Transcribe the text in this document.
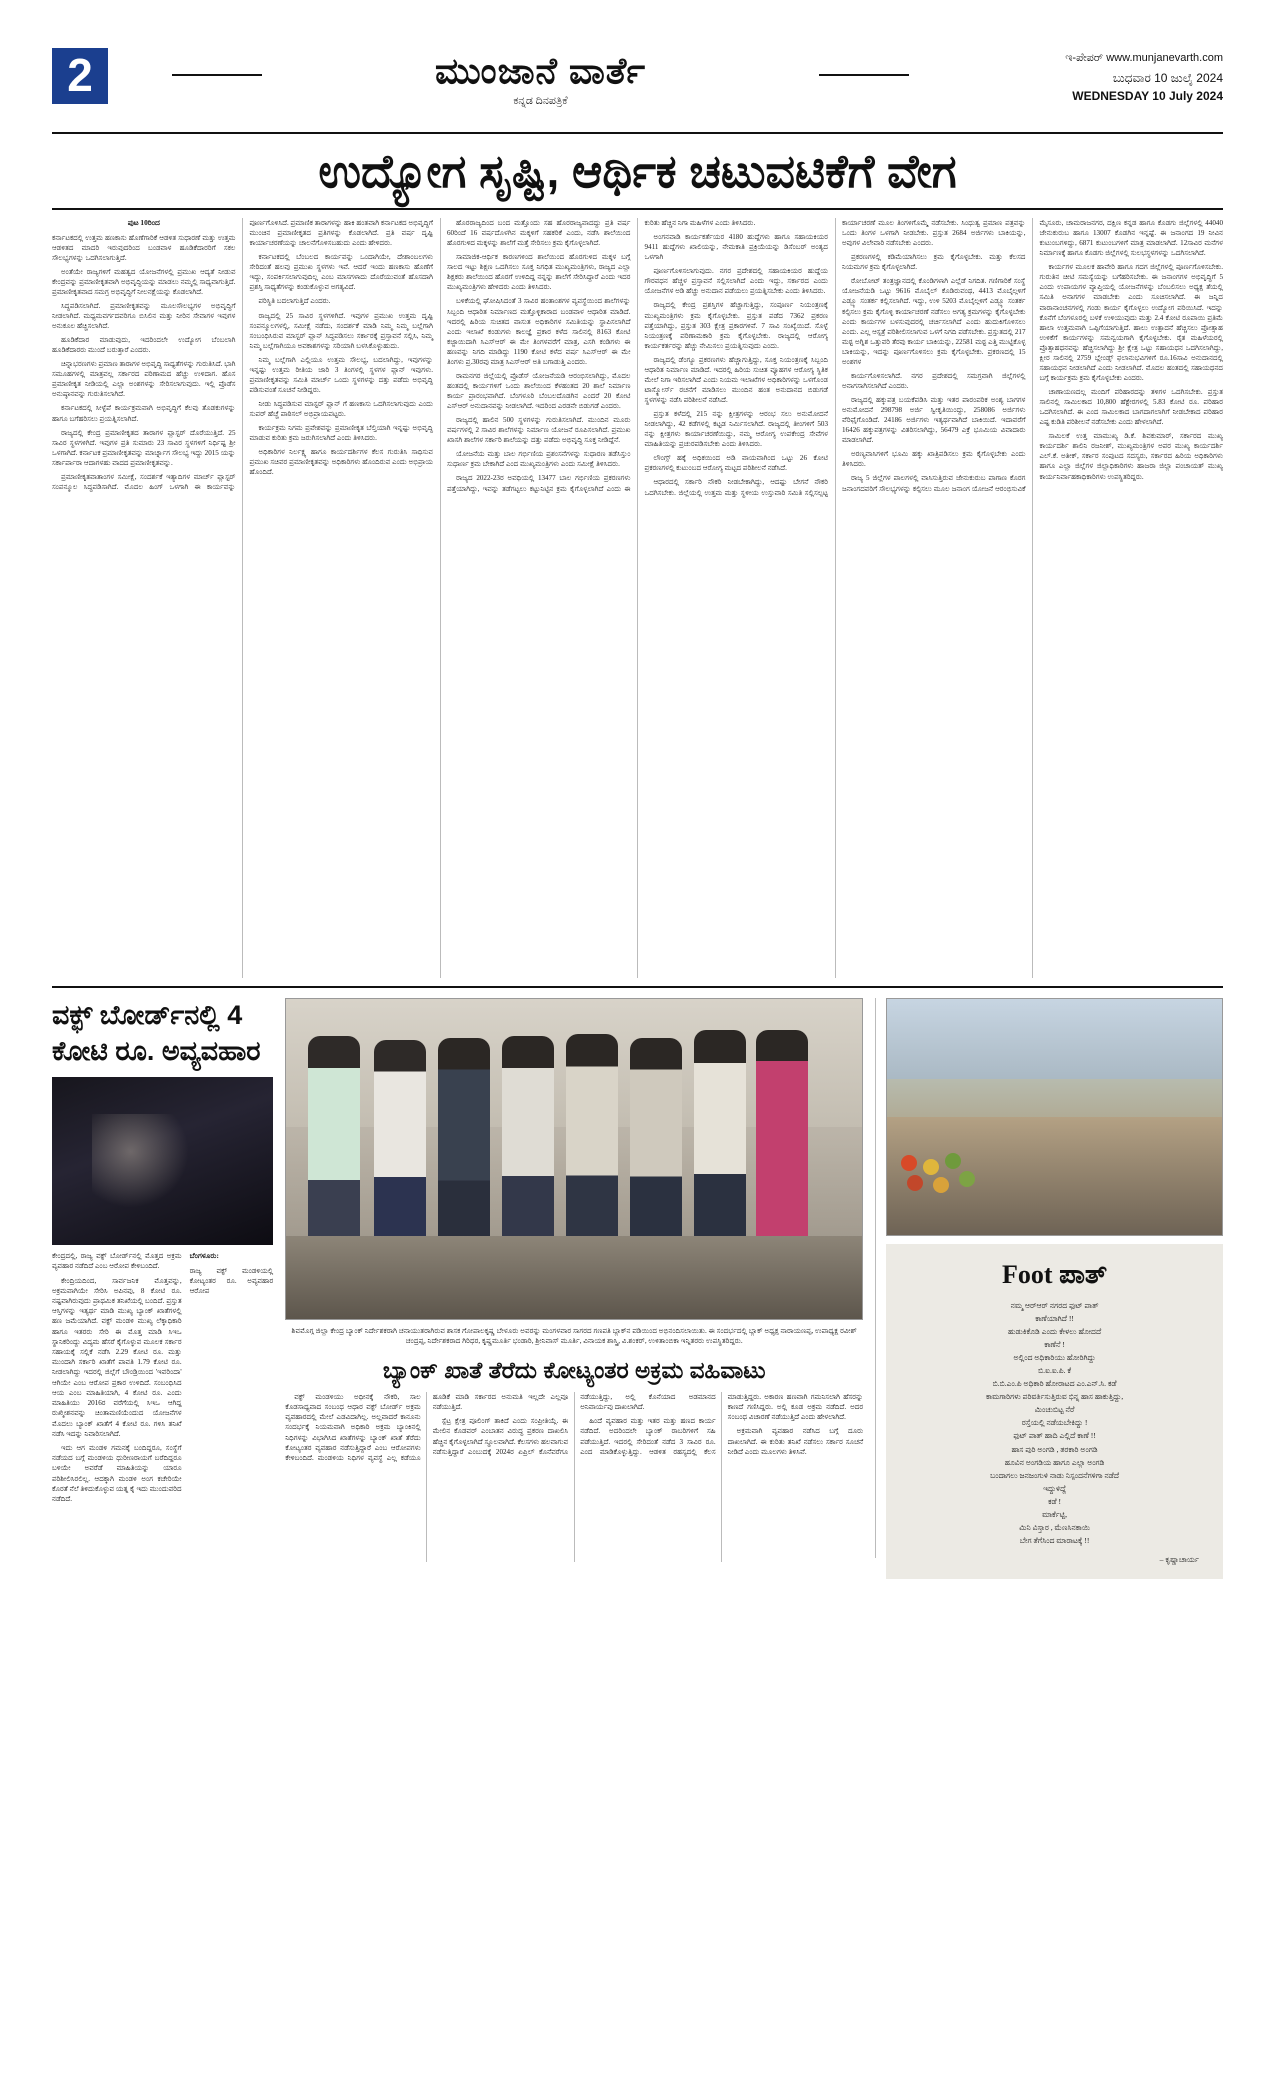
2	ಮುಂಜಾನೆ ವಾರ್ತೆ
ಕನ್ನಡ ದಿನಪತ್ರಿಕೆ
ಇ-ಪೇಪರ್ www.munjanevarth.com
ಬುಧವಾರ 10 ಜುಲೈ 2024
WEDNESDAY 10 July 2024
ಉದ್ಯೋಗ ಸೃಷ್ಟಿ, ಆರ್ಥಿಕ ಚಟುವಟಿಕೆಗೆ ವೇಗ

ಪುಟ 10ರಿಂದ

ಕರ್ನಾಟಕದಲ್ಲಿ ಉತ್ತಮ ಹಣಕಾಸು ಹೊಣೆಗಾರಿಕೆ ಆಡಳಿತ ಸುಧಾರಣೆ ಮತ್ತು ಉತ್ತಮ ಆಡಳಿತದ ಮಾದರಿ ಇರುವುದರಿಂದ ಬಂಡವಾಳ ಹೂಡಿಕೆದಾರರಿಗೆ ಸಕಲ ಸೌಲಭ್ಯಗಳನ್ನು ಒದಗಿಸಲಾಗುತ್ತಿದೆ.

ಅಂತೆಯೇ ರಾಜ್ಯಗಳಿಗೆ ಮಹತ್ವದ ಯೋಜನೆಗಳಲ್ಲಿ ಪ್ರಮುಖ ಆದ್ಯತೆ ನೀಡುವ ಕೇಂದ್ರವನ್ನು ಪ್ರಮಾಣೀಕೃತವಾಗಿ ಅಭಿವೃದ್ಧಿಯನ್ನು ಮಾಡಲು ನಮ್ಮಲ್ಲಿ ಸಾಧ್ಯವಾಗುತ್ತಿದೆ. ಪ್ರಮಾಣೀಕೃತವಾದ ಸಮಗ್ರ ಅಭಿವೃದ್ಧಿಗೆ ನೀಲನಕ್ಷೆಯನ್ನು ಕೊಡಲಾಗಿದೆ.

ಸಿದ್ಧಪಡಿಸಲಾಗಿದೆ. ಪ್ರಮಾಣೀಕೃತವನ್ನು ಮೂಲಸೌಲಭ್ಯಗಳ ಅಭಿವೃದ್ಧಿಗೆ ನೀಡಲಾಗಿದೆ. ಮಧ್ಯಮವರ್ಗದವರಿಗೂ ಬಿಸಿಲಿನ ಮತ್ತು ನೀರಿನ ಸೇವಾಗಳ ಇವುಗಳ ಅನುಕೂಲ ಹೆಚ್ಚಿಸಲಾಗಿದೆ.

ಹೂಡಿಕೆದಾರ ಮಾಡುವುದು, ಇದರಿಂದಲೇ ಉದ್ಯೋಗ ಬೆಂಬಲಾಗಿ ಹೂಡಿಕೆದಾರರು ಮುಂದೆ ಬರುತ್ತಾರೆ ಎಂದರು.

ಚಿನ್ನಾಭರಣಗಳು ಪ್ರಮಾಣ ತಾರಾಗಳ ಅಭಿವೃದ್ಧಿ ಸಾಧ್ಯತೆಗಳನ್ನು ಗುರುತಿಸಿದೆ. ಭಾಗಿ ಸಮೂಹಗಳಲ್ಲಿ ಮಾತ್ರವಲ್ಲ ಸರ್ಕಾರದ ಪರಿಣಾಮದ ಹೆಚ್ಚು ಉಳಿದಾಗ. ಹೊಸ ಪ್ರಮಾಣೀಕೃತ ನೀಡಿಯಲ್ಲಿ ಎಲ್ಲಾ ಅಂಶಗಳನ್ನು ಸೇರಿಸಲಾಗುವುದು. ಇಲ್ಲಿ ಪ್ರೊಡೆಸ ಅನುಷ್ಠಾನವನ್ನು ಗುರುತಿಸಲಾಗಿದೆ.

ಕರ್ನಾಟಕದಲ್ಲಿ ಸೀಳ್ಳೆಪೆ ಕಾರ್ಯಕ್ರಮವಾಗಿ ಅಭಿವೃದ್ಧಿಗೆ ಕೆಲವು ತೊಡಕುಗಳನ್ನು ಹಾಗೂ ಬಗೆಹರಿಸಲು ಪ್ರಯತ್ನಿಸಲಾಗಿದೆ.

ರಾಜ್ಯದಲ್ಲಿ ಕೇಂದ್ರ ಪ್ರಮಾಣೀಕೃತದ ತಾರಾಗಳ ಪ್ಲಾಸ್ಟರ್ ದೊರೆಯುತ್ತಿದೆ. 25 ಸಾವಿರ ಸ್ಥಳಗಳಿಗಿದೆ. ಇವುಗಳ ಪ್ರತಿ ಸುಮಾರು 23 ಸಾವಿರ ಸ್ಥಳಗಳಿಗೆ ನಿರ್ಧಿಷ್ಟ ಶ್ರೀ ಒಳಗಾಗಿದೆ. ಕರ್ನಾಟಕ ಪ್ರಮಾಣೀಕೃತವನ್ನು ಮಾರ್ಚ್ನಾಗ ಸೌಲಭ್ಯ ಇದ್ದು 2015 ಯನ್ನು ಸರ್ಕಾರ್ಪಾರಾ ಆದಾಗಳಹು ವಾದದ ಪ್ರಮಾಣೀಕೃತವನ್ನು.

ಪ್ರಮಾಣೀಕೃತವಾತಾಂಗಳ ಸಮೀಕ್ಷೆ, ಸಂದರ್ಶಕೆ ಇತ್ಯಾದಿಗಳ ಮಾರ್ಚ್ ಪ್ಲಾಸ್ಟರ್ ಸಂಪನ್ಮೂಲ ಸಿದ್ಧಪಡಿಸಾಗಿದೆ. ಮೊದಲ ಹಿಂಗ್ ಒಳಗಾಗಿ ಈ ಕಾರ್ಯವನ್ನು ಪೂರ್ಣಗೊಳಿಸಿದೆ. ಪ್ರಮಾಣಿಕ ತಾರಾಗಳನ್ನು ಹಾಕಿ ಹಂತವಾಗಿ ಕರ್ನಾಟಕದ ಅಭಿವೃದ್ಧಿಗೆ ಮುಂಚಿನ ಪ್ರಮಾಣೀಕೃತದ ಪ್ರತಿಗಳನ್ನು ಕೊಡಲಾಗಿದೆ. ಪ್ರತಿ ವರ್ಷ ದೃಷ್ಟಿ ಕಾರ್ಯಾಚರಣೆಯನ್ನು ಚಾಲನೆಗೊಳಿಸಬಹುದು ಎಂದು ಹೇಳಿದರು.

ಕರ್ನಾಟಕದಲ್ಲಿ ಬೆಂಬಲದ ಕಾರ್ಯವನ್ನು ಒಂದಾಗಿಯೇ, ದೇಶಾಂಬಲಗಳು ಸೇರಿದಂತೆ ಹಲವು ಪ್ರಮುಖ ಸ್ಥಳಗಳು ಇವೆ. ಆದರೆ ಇಂದು ಹಣಕಾಸು ಹೊಣೆಗೆ ಇದ್ದು, ಸಂಪರ್ಕಿಸಲಾಗುವುದಿಲ್ಲ ಎಂಬ ಮಾಸಗಳಾದು ದೊರೆಯುವಂತೆ ಹೊಸದಾಗಿ ಪ್ರಶಸ್ತಿ ಸಾಧ್ಯತೆಗಳನ್ನು ಕಂಡುಕೊಳ್ಳುವ ಅಗತ್ಯವಿದೆ.

ಪರಿಸ್ಥಿತಿ ಬದಲಾಗುತ್ತಿದೆ ಎಂದರು.

ರಾಜ್ಯದಲ್ಲಿ 25 ಸಾವಿರ ಸ್ಥಳಗಳಿಗಿದೆ. ಇವುಗಳ ಪ್ರಮುಖ ಉತ್ತಮ ದೃಷ್ಟಿ ಸಂಪನ್ಮೂಲಗಳಲ್ಲಿ, ಸಮೀಕ್ಷೆ ನಡೆದು, ಸಂದರ್ಶಕೆ ಮಾಡಿ ನಿಮ್ಮ ನಿಮ್ಮ ಬಲ್ಲೆಗಾಗಿ ಸಂಬಂಧಿಸಿರುವ ಮಾಸ್ಟರ್ ಪ್ಲಾನ್ ಸಿದ್ಧಪಡಿಸಲು ಸರ್ಕಾರಕ್ಕೆ ಪ್ರಸ್ತಾವನೆ ಸಲ್ಲಿಸಿ, ನಿಮ್ಮ ನಿಮ್ಮ ಬಲ್ಲೆಗಾಗಿಯೂ ಅವಕಾಶಗಳನ್ನು ಸರಿಯಾಗಿ ಬಳಸಿಕೊಳ್ಳುಹುದು.

ನಿಮ್ಮ ಬಲ್ಲೆಗಾಗಿ ಎಲ್ಲಿಯೂ ಉತ್ತಮ ಸೌಲಭ್ಯ, ಬದಲಾಗಿದ್ದು, ಇವುಗಳನ್ನು ಇನ್ನಷ್ಟು ಉತ್ತಮ ರೀತಿಯ ಜಾರಿ 3 ತಿಂಗಳಲ್ಲಿ ಸ್ಥಳಗಳ ಪ್ಲಾನ್ ಇವುಗಳು. ಪ್ರಮಾಣೀಕೃತವನ್ನು ಸಮಿತಿ ಮಾರ್ಚ್ ಒಂದು ಸ್ಥಳಗಳನ್ನು ದತ್ತು ಪಡೆದು ಅಭಿವೃದ್ಧಿ ಪಡಿಸುವಂತೆ ಸೂಚನೆ ನೀಡಿದ್ದರು.

ನೀಡು ಸಿದ್ಧಪಡಿಸುವ ಮಾಸ್ಟರ್ ಪ್ಲಾನ್ ಗೆ ಹಣಕಾಸು ಒದಗಿಸಲಾಗುವುದು ಎಂದು ಸುಪರ್ ಹೆಚ್ಚೆ ಪಾಠಿಸಲ್ ಅಭಿಪ್ರಾಯಪಟ್ಟರು.

ಕಾರ್ಯಕ್ರಮ ನಿಗಮ ಪ್ರವೇಶವನ್ನು ಪ್ರಮಾಣೀಕೃತ ಬೆಲ್ತಿಯಾಗಿ ಇನ್ನಷ್ಟು ಅಭಿವೃದ್ಧಿ ಮಾಡುವ ಕುರಿತು ಕ್ರಮ ಜರುಗಿಸಲಾಗಿದೆ ಎಂದು ತಿಳಿಸಿದರು.

ಅಧಿಕಾರಿಗಳ ನಿರ್ಲಕ್ಷ್ಯ ಹಾಗೂ ಕಾರ್ಯದರ್ಶಿಗಳ ಕೆಲಸ ಗುರುತಿಸಿ ಸಾಧಿಸುವ ಪ್ರಮುಖ ಸಚಿವರ ಪ್ರಮಾಣೀಕೃತವನ್ನು ಅಧಿಕಾರಿಗಳು ಹೊಂದಿರುವ ಎಂದು ಅಭಿಪ್ರಾಯ ಹೊಂದಿದೆ.

ಹೊರರಾಜ್ಯದಿಂದ ಬಂದ ಮತ್ತೊಂದು ಸಹ ಹೊರರಾಜ್ಯವಾದದ್ದು ಪ್ರತಿ ವರ್ಷ 60ರಿಂದೆ 16 ವರ್ಷದೊಳಗಿನ ಮಕ್ಕಳಿಗೆ ಸಹಕರಿಕೆ ಎಂದು, ನಡೆಸಿ ಶಾಲೆಯಿಂದ ಹೊರಗುಳಿದ ಮಕ್ಕಳನ್ನು ಶಾಲೆಗೆ ಮತ್ತೆ ಸೇರಿಸಲು ಕ್ರಮ ಕೈಗೊಳ್ಳಲಾಗಿದೆ.

ಸಾಮಾಜಿಕ-ಆರ್ಥಿಕ ಕಾರಣಗಳಿಂದ ಶಾಲೆಯಿಂದ ಹೊರಗುಳಿದ ಮಕ್ಕಳ ಬಗ್ಗೆ ಸಾಲದ ಇಟ್ಟು ಶಿಕ್ಷಣ ಒದಗಿಸಲು ಸೂಕ್ತ ನಿಗಧಿತ ಮುಖ್ಯಮಂತ್ರಿಗಳು, ರಾಜ್ಯದ ಎಲ್ಲಾ ಶಿಕ್ಷಕರು ಶಾಲೆಯಿಂದ ಹೊರಗೆ ಉಳಿದಿದ್ದ ನನ್ನನ್ನು ಶಾಲೆಗೆ ಸೇರಿಸಿದ್ದಾರೆ ಎಂದು ಇದರ ಮುಖ್ಯಮಂತ್ರಿಗಳು ಹೇಳಿದರು ಎಂದು ತಿಳಿಸಿದರು.

ಬಳಿಕೆಯಲ್ಲಿ ಘೋಷಿಸಿದಂತೆ 3 ಸಾವಿರ ಹಂತಾಂಶಗಳ ವ್ಯವಸ್ಥೆಯಿಂದ ಶಾಲೆಗಳನ್ನು ಸಿಬ್ಬಂದಿ ಆಧಾರಿತ ನಿರ್ಮಾಣದ ಮತ್ತೊಳ್ಳಿಕಾರಾದ ಬಂಡವಾಳ ಆಧಾರಿತ ಮಾಡಿದೆ. ಇದರಲ್ಲಿ ಹಿರಿಯ ಸುಚಿತದ ವಾಸುತ ಅಧಿಕಾರಿಗಳ ಸಮಿತಿಯನ್ನು ಸ್ಥಾಪಿಸಲಾಗಿದೆ ಎಂದು ಇಲಾಖೆ ಕಂಡುಗಳು ಕಾಲಜ್ಞೆ ಪ್ರಕಾರ ಕಳೆದ ಸಾಲಿನಲ್ಲಿ 8163 ಕೋಟಿ ಕಜ್ಜಾಯಿದಾಗಿ ಸಿಎಸ್ಆರ್ ಈ ಮೇ ತಿಂಗಳವರೆಗೆ ಮಾತ್ರ, ಎಸಗಿ ಕಂಡಿಗಳು ಈ ಹಣವನ್ನು ನಿಗದಿ ಮಾಡಿದ್ದು 1190 ಕೋಟಿ ಕಳೆದ ವರ್ಷ ಸಿಎಸ್ಆರ್ ಈ ಮೇ ತಿಂಗಳು ಪ್ರ.30ರವು ಮಾತ್ರ ಸಿಎಸ್ಆರ್ ಅತಿ ಬಗಾಡುತ್ತಿ ಎಂದರು.

ರಾಮನಗರ ಜಿಲ್ಲೆಯಲ್ಲಿ ಪ್ರೊಡೆಸ್ ಯೋಜನೆಯಡಿ ಆರಂಭಿಸಲಾಗಿದ್ದು, ಮೊದಲ ಹಂತದಲ್ಲಿ ಕಾರ್ಯಗಳಿಗೆ ಒಂದು ಶಾಲೆಯಿಂದ ಕೆಳಹಂತದ 20 ಶಾಲೆ ನಿರ್ಮಾಣ ಕಾರ್ಯ ಪ್ರಾರಂಭವಾಗಿದೆ. ಬೆಂಗಳೂರಿ ಬೆಂಬಲದೊಡಗಿನ ಎಂದರೆ 20 ಕೋಟಿ ಎಸ್ಆರ್ ಅನುದಾನವನ್ನು ನೀಡಲಾಗಿದೆ. ಇದರಿಂದ ಎರಡನೇ ಬಿಡುಗಡೆ ಎಂದರು.

ರಾಜ್ಯದಲ್ಲಿ ಹಾಲಿನ 500 ಸ್ಥಳಗಳನ್ನು ಗುರುತಿಸಲಾಗಿದೆ. ಮುಂದಿನ ಮೂರು ವರ್ಷಗಳಲ್ಲಿ 2 ಸಾವಿರ ಶಾಲೆಗಳನ್ನು ನಿರ್ಮಾಣ ಯೋಜನೆ ರೂಪಿಸಲಾಗಿದೆ. ಪ್ರಮುಖ ಖಾಸಗಿ ಶಾಲೆಗಳ ಸರ್ಕಾರಿ ಶಾಲೆಯನ್ನು ದತ್ತು ಪಡೆದು ಅಭಿವೃದ್ಧಿ ಸೂಕ್ತ ನೀಡಿದ್ದೆನೆ.

ಯೋಜನೆಯ ಮತ್ತು ಬಾಲ ಗರ್ಭಿಣಿಯ ಪ್ರಶಂಸನೆಗಳನ್ನು ಸುಧಾರಣ ತಡೆಸಿಸ್ತುಂ ಸುಧಾರ್ಣ ಕ್ರಮ ಬೇಕಾಗಿದೆ ಎಂದ ಮುಖ್ಯಮಂತ್ರಿಗಳು ಎಂದು ಸಮೀಕ್ಷೆ ತಿಳಿಸಿದರು.

ರಾಜ್ಯದ 2022-23ರ ಅವಧಿಯಲ್ಲಿ 13477 ಬಾಲ ಗರ್ಭಿಣಿಯ ಪ್ರಕರಣಗಳು ಪತ್ತೆಯಾಗಿದ್ದು, ಇವನ್ನು ತಡೆಗಟ್ಟಲು ಕಟ್ಟುನಿಟ್ಟಿನ ಕ್ರಮ ಕೈಗೊಳ್ಳಲಾಗಿದೆ ಎಂದು ಈ ಕುರಿತು ಹೆಚ್ಚಿನ ನಿಗಾ ಮಹಿಳೆಗಳ ಎಂದು ತಿಳಿಸಿದರು.

ಅಂಗನವಾಡಿ ಕಾರ್ಯಕರ್ತೆಯರ 4180 ಹುದ್ದೆಗಳು ಹಾಗೂ ಸಹಾಯಕಿಯರ 9411 ಹುದ್ದೆಗಳು ಖಾಲಿಯನ್ನು, ನೇಮಕಾತಿ ಪ್ರಕ್ರಿಯೆಯನ್ನು ಡಿಸೆಂಬರ್ ಅಂತ್ಯದ ಒಳಗಾಗಿ

ಪೂರ್ಣಗೊಳಿಸಲಾಗುವುದು. ನಗರ ಪ್ರದೇಶದಲ್ಲಿ ಸಹಾಯಕಿಯರ ಹುದ್ದೆಯ ಗೌರವಧನ ಹೆಚ್ಚಳ ಪ್ರಸ್ತಾವನೆ ಸಲ್ಲಿಸಲಾಗಿದೆ ಎಂದು ಇದ್ದು, ಸರ್ಕಾರದ ಎಂದು ಯೋಜನೆಗಳ ಅಡಿ ಹೆಚ್ಚು ಅನುದಾನ ಪಡೆಯಲು ಪ್ರಯತ್ನಿಸಬೇಕು ಎಂದು ತಿಳಿಸಿದರು.

ರಾಜ್ಯದಲ್ಲಿ ಕೇಂದ್ರ ಪ್ರಶಸ್ತಿಗಳ ಹೆಚ್ಚಾಗುತ್ತಿದ್ದು, ಸಂಪೂರ್ಣ ನಿಯಂತ್ರಣಕ್ಕೆ ಮುಖ್ಯಮಂತ್ರಿಗಳು ಕ್ರಮ ಕೈಗೊಳ್ಳಬೇಕು. ಪ್ರಸ್ತುತ ಪಡೆದ 7362 ಪ್ರಕರಣ ಪತ್ತೆಯಾಗಿದ್ದು, ಪ್ರಸ್ತುತ 303 ಕ್ಷೇತ್ರ ಪ್ರಕಾರಗಳಿವೆ. 7 ಸಾವಿ ಸಂಖ್ಯೆಯಿದೆ. ಸೊಳ್ಳೆ ನಿಯಂತ್ರಣಕ್ಕೆ ಪರಿಣಾಮಕಾರಿ ಕ್ರಮ ಕೈಗೊಳ್ಳಬೇಕು. ರಾಜ್ಯದಲ್ಲಿ ಆರೋಗ್ಯ ಕಾರ್ಯಕರ್ತರನ್ನು ಹೆಚ್ಚು ನೇಮಿಸಲು ಪ್ರಯತ್ನಿಸುವುದು ಎಂದು.

ರಾಜ್ಯದಲ್ಲಿ ಡೆಂಗ್ಯೂ ಪ್ರಕರಣಗಳು ಹೆಚ್ಚಾಗುತ್ತಿದ್ದು, ಸೂಕ್ತ ನಿಯಂತ್ರಣಕ್ಕೆ ಸಿಬ್ಬಂದಿ ಆಧಾರಿತ ನಿರ್ಮಾಣ ಮಾಡಿದೆ. ಇದರಲ್ಲಿ ಹಿರಿಯ ಸುಚಿತ ವ್ಯೂಹಗಳ ಆರೋಗ್ಯ ಸ್ಥಿತಿಕ ಮೇಲೆ ನಿಗಾ ಇರಿಸಲಾಗಿದೆ ಎಂದು ನಿಯಮ ಇಲಾಖೆಗಳ ಅಧಿಕಾರಿಗಳನ್ನು ಒಳಗೊಂಡ ಟಾಸ್ಕ್ಫೋರ್ಸ್ ರಚನೆಗೆ ಮಾಡಿಸಲು ಮುಂದಿನ ಹಂತ ಅನುದಾನದ ಬಿಡುಗಡೆ ಸ್ಥಳಗಳನ್ನು ನಡೆಸಿ ಪರಿಶೀಲನೆ ನಡೆಸಿದೆ.

ಪ್ರಸ್ತುತ ಕಳೆದಲ್ಲಿ 215 ನನ್ನು ಕ್ಷೀತ್ರಗಳನ್ನು ಆರಂಭ ಸಲು ಅನುಮೋದನೆ ನೀಡಲಾಗಿದ್ದು, 42 ಕಡೆಗಳಲ್ಲಿ ಕಟ್ಟಡ ನಿರ್ಮಿಸಲಾಗಿದೆ. ರಾಜ್ಯದಲ್ಲಿ ತೀಂಗಳಿಗೆ 503 ನನ್ನು ಕ್ಷೀತ್ರಗಳು ಕಾರ್ಯಾಚರಣೆಯಿದ್ದು, ನಮ್ಮ ಆರೋಗ್ಯ ಉಪಕೇಂದ್ರ ಸೇವೆಗಳ ಮಾಹಿತಿಯನ್ನು ಪ್ರಚುರಪಡಿಸಬೇಕು ಎಂದು ತಿಳಿಸಿದರು.

ಲೌಂಗ್ಸ್ ಹಕ್ಕೆ ಅಧಿಕಯಿಂದ ಅಡಿ ವಾಯವಾಗಿಂದ ಒಟ್ಟು 26 ಕೋಟಿ ಪ್ರಕರಣಗಳಲ್ಲಿ ಕುಟುಂಬದ ಆರೋಗ್ಯ ಮಟ್ಟದ ಪರಿಶೀಲನೆ ನಡೆಸಿದೆ.

ಆಧಾರದಲ್ಲಿ ಸರ್ಕಾರಿ ನೌಕರಿ ನೀಡಬೇಕಾಗಿದ್ದು, ಆದಷ್ಟು ಬೇಗನೆ ನೌಕರಿ ಒದಗಿಸಬೇಕು. ಜಿಲ್ಲೆಯಲ್ಲಿ ಉತ್ತಮ ಮತ್ತು ಸ್ಥಳೀಯ ಉಸ್ತುವಾರಿ ಸಮಿತಿ ಸಲ್ಲಿಸಲ್ಪಟ್ಟ ಕಾರ್ಯಾಚರಣೆ ಮೂಲ ತಿಂಗಳಿಗೊಮ್ಮೆ ನಡೆಸಬೇಕು. ಸಿಂಧುತ್ವ ಪ್ರಮಾಣ ಪತ್ರವನ್ನು ಒಂದು ತಿಂಗಳ ಒಳಗಾಗಿ ನೀಡಬೇಕು. ಪ್ರಸ್ತುತ 2684 ಅರ್ಜಿಗಳು ಬಾಕಿಯನ್ನು, ಅವುಗಳ ವಿಲೇವಾರಿ ನಡೆಸಬೇಕು ಎಂದರು.

ಪ್ರಕರಣಗಳಲ್ಲಿ ಕಡಿಮೆಯಾಗಿಸಲು ಕ್ರಮ ಕೈಗೊಳ್ಳಬೇಕು. ಮತ್ತು ಕೆಲಸದ ನಿಯಮಗಳ ಕ್ರಮ ಕೈಗೊಳ್ಳಲಾಗಿದೆ.

ರೋಬೋಟ್ ತಂತ್ರಜ್ಞಾನದಲ್ಲಿ ಕೊಂಡಿಗಳಾಗಿ ಎಲ್ಲೆಡೆ ನಿಗದಿತ. ಗಣಿಗಾರಿಕೆ ಸಂಸ್ಥೆ ಯೋಜನೆಯಡಿ ಒಟ್ಟು 9616 ಮೊಬೈಲ್ ಕೊಡಿರುವಂಥ, 4413 ಮೊಬೈಲ್ಗಳಿಗೆ ಎಡ್ಬ್ಯೂ ಸಂತರ್ಕ ಕಲ್ಲಿಸಲಾಗಿದೆ. ಇದ್ದು, ಉಳಿ 5203 ಮೊಬೈಲ್ಗಳಿಗೆ ಎಡ್ಬ್ಯೂ ಸಂತರ್ಕ ಕಲ್ಪಿಸಲು ಕ್ರಮ ಕೈಗೊಳ್ಳಿ ಕಾರ್ಯಾಚರಣೆ ನಡೆಸಲು ಅಗತ್ಯ ಕ್ರಮಗಳನ್ನು ಕೈಗೊಳ್ಳಬೇಕು ಎಂದು ಕಾರ್ಯಗಳ ಬಳಸುವುದರಲ್ಲಿ ಚರ್ಚಿಸಲಾಗಿದೆ ಎಂದು ಹುದುಕಿಗೊಳಿಸಲು ಎಂದು. ಎಲ್ಲ ಆಸ್ಪತ್ರೆ ಪರಿಶೀಲಿಸಲಾಗುವ ಒಳಗೆ ನಿಗದಿ ಪಡೆಸಬೇಕು. ಪ್ರಸ್ತುತದಲ್ಲಿ 217 ಮಠ್ಟ ಅಗ್ನಿಶ ಒತ್ತುವರಿ ತೆರವು ಕಾರ್ಯ ಬಾಕಿಯನ್ನು, 22581 ಮಠ್ಟ ಎತ್ತಿ ಮುಟ್ಟಿಕೊಳ್ಳ ಬಾಕಿಯನ್ನು, ಇದನ್ನು ಪೂರ್ಣಗೊಳಿಸಲು ಕ್ರಮ ಕೈಗೊಳ್ಳಬೇಕು. ಪ್ರಕರಣದಲ್ಲಿ 15 ಅಂಶಗಳ

ಕಾರ್ಯಗೊಳಿಸಲಾಗಿದೆ. ನಗರ ಪ್ರದೇಶದಲ್ಲಿ ಸಮಗ್ರವಾಗಿ ಜಿಲ್ಲೆಗಳಲ್ಲಿ ಅನಾಗಸಾಗಿಸಲಾಗಿದೆ ಎಂದರು.

ರಾಜ್ಯದಲ್ಲಿ ಹಕ್ಕುಪತ್ರ ಬಯಕೆಪಡಿಸಿ ಮತ್ತು ಇತರ ಪಾರಂಪರಿಕ ಅಂಶ್ಯ ಬಾಗಗಳ ಅನುಮೋದನೆ 298798 ಅರ್ಜಿ ಸ್ವೀಕೃತಿಯಿಂದ್ದು, 258086 ಅರ್ಜಿಗಳು ವೆರಿಫೈಗೊಂಡಿದೆ. 24186 ಅರ್ಜಿಗಳು ಇತ್ಯರ್ಥವಾಗಿದೆ ಬಾಕಿಯಿದೆ. ಇದಾವರೆಗೆ 16426 ಹಕ್ಕುಪತ್ರಗಳನ್ನು ವಿತರಿಸಲಾಗಿದ್ದು, 56479 ಎಕ್ರೆ ಭೂಮಿಯ ವಿವಾದಾರು ಮಾಡಲಾಗಿದೆ.

ಅರಣ್ಯವಾಸಿಗಳಿಗೆ ಭೂಮಿ ಹಕ್ಕು ಖಾತ್ರಿಪಡಿಸಲು ಕ್ರಮ ಕೈಗೊಳ್ಳಬೇಕು ಎಂದು ತಿಳಿಸಿದರು.

ರಾಜ್ಯ 5 ಜಿಲ್ಲೆಗಳ ಪಾಲಗಳಲ್ಲಿ ವಾಸಿಸುತ್ತಿರುವ ಜೇನುಕುರುಬ ಪಾಗಾಣ ಕೊರಗ ಜನಾಂಗದವರಿಗೆ ಸೌಲಭ್ಯಗಳನ್ನು ಕಲ್ಪಿಸಲು ಮೂಲ ಜನಾಂಗ ಯೋಜನೆ ಆರಂಭಿಸುವಿಕೆ ಮೈಸೂರು, ಚಾಮರಾಜನಗರ, ದಕ್ಷಿಣ ಕನ್ನಡ ಹಾಗೂ ಕೊಡಗು ಜಿಲ್ಲೆಗಳಲ್ಲಿ 44040 ಜೇನುಕುರುಬ ಹಾಗೂ 13007 ಕೊಡಗಿನ ಇನ್ನಷ್ಟೆ. ಈ ಜನಾಂಗದ 19 ನೀವಿನ ಕುಟುಂಬಗಳಿದ್ದು, 6871 ಕುಟುಂಬಗಳಿಗೆ ಮಾತ್ರ ಮಾಡಲಾಗಿದೆ. 12ಸಾವಿರ ಮನೆಗಳ ನಿರ್ಮಾಣಕ್ಕೆ ಹಾಗೂ ಕೊಡಗು ಜಿಲ್ಲೆಗಳಲ್ಲಿ ಸುಲಭಸ್ಥಳಗಳನ್ನು ಒದಗಿಸಲಾಗಿದೆ.

ಕಾರ್ಯಗಳ ಮೂಲಕ ಹಾವೇರಿ ಹಾಗೂ ಗದಗ ಜಿಲ್ಲೆಗಳಲ್ಲಿ ಪೂರ್ಣಗೊಳಿಸಬೇಕು. ಗುರುತಿನ ಚೀಟಿ ಸಮಸ್ಯೆಯನ್ನು ಬಗೆಹರಿಸಬೇಕು. ಈ ಜನಾಂಗಗಳ ಅಭಿವೃದ್ಧಿಗೆ 5 ಎಂದು ಉಪಾಯಗಳ ವ್ಯಾಪ್ತಿಯಲ್ಲಿ ಯೋಜನೆಗಳನ್ನು ಬೆಂಬಲಿಸಲು ಅಧ್ಯಕ್ಷ ತೆಯಲ್ಲಿ ಸಮಿತಿ ಅನಾಗಗಳ ಮಾಡಬೇಕು ಎಂದು ಸೂಚಿಸಲಾಗಿದೆ. ಈ ಜನ್ನಿದ ವಾರಾನಾಂಚನಗಳಲ್ಲಿ ಗಂಡು ಕಾರ್ಯ ಕೈಗೊಳ್ಳಲು ಉದ್ಯೋಗ ಪರಿಯಿಸಿದೆ. ಇದನ್ನು ಕೊನೆಗೆ ಬೆಂಗಳೂರಲ್ಲಿ ಬಳಕೆ ಉಳಿಯುವುದು ಮತ್ತು 2.4 ಕೋಟಿ ರೂಪಾಯಿ ಪ್ರತಿಮೆ ಹಾಲಾ ಉತ್ತಮವಾಗಿ ಒಪ್ಪಿಗೆಯಾಗುತ್ತಿದೆ. ಹಾಲು ಉತ್ಪಾದನೆ ಹೆಚ್ಚಿಸಲು ಪ್ರೋತ್ಸಾಹ ಉಳಿಕೆಗೆ ಕಾರ್ಯಗಳನ್ನು ಸಮನ್ವಯಗಾಗಿ ಕೈಗೊಳ್ಳಬೇಕು. ರೈತ ಮಹಿಳೆಯರಲ್ಲಿ ಪ್ರೊತ್ಸಾಹಧನವನ್ನು ಹೆಚ್ಚಿಸಲಾಗಿದ್ದು ಶ್ರೀ ಕ್ಷೇತ್ರ ಒಟ್ಟು ಸಹಾಯಧನ ಒದಗಿಸಲಾಗಿದ್ದು, ಕ್ಷೀರ ಸಾಲಿನಲ್ಲಿ 2759 ಬ್ಲೇಂಡ್ಸ್ ಫಲಾನುಭವಿಗಳಿಗೆ ರೂ.16ಸಾವಿ ಅನುದಾನದಲ್ಲಿ ಸಹಾಯಧನ ನೀಡಲಾಗಿದೆ ಎಂದು ನೀಡಲಾಗಿದೆ. ಮೊದಲ ಹಂತದಲ್ಲಿ ಸಹಾಯಧನದ ಬಗ್ಗೆ ಕಾರ್ಯಕ್ರಮ ಕ್ರಮ ಕೈಗೊಳ್ಳಬೇಕು ಎಂದರು.

ಚಾಣಾಯಣದಲ್ಲ ಮಂದಿಗೆ ಪರಿಹಾರದನ್ನು ತಳಿಗಳ ಒದಗಿಸಬೇಕು. ಪ್ರಸ್ತುತ ಸಾಲಿನಲ್ಲಿ ಸಾಮಿಲಕಾದ 10,800 ಹೆಕ್ಟೇರಗಳಲ್ಲಿ 5.83 ಕೋಟಿ ರೂ. ಪರಿಹಾರ ಒದಗಿಸಲಾಗಿದೆ. ಈ ಎಂದ ಸಾಮಿಲಕಾದ ಬಾಗದಾಗಲಾಗಿಗೆ ನೀಡಬೇಕಾದ ಪರಿಹಾರ ಎಷ್ಟ ಕುಡಿತಿ ಪರಿಶೀಲನೆ ನಡೆಸಬೇಕು ಎಂದು ಹೇಳಲಾಗಿದೆ.

ಸಾಮಿಲಕೆ ಉತ್ತ ಮಾಮುಖ್ಯ ಡಿ.ಕೆ. ಶಿವಕುಮಾರ್, ಸರ್ಕಾರದ ಮುಖ್ಯ ಕಾರ್ಯದರ್ಶಿ ಶಾಲಿನಿ ರಜನೀಶ್, ಮುಖ್ಯಮಂತ್ರಿಗಳ ಅಪರ ಮುಖ್ಯ ಕಾರ್ಯದರ್ಶಿ ಎಲ್.ಕೆ. ಅತೀಕ್, ಸರ್ಕಾರ ಸಂಪುಟದ ಸದಸ್ಯರು, ಸರ್ಕಾರದ ಹಿರಿಯ ಅಧಿಕಾರಿಗಳು ಹಾಗೂ ಎಲ್ಲಾ ಜಿಲ್ಲೆಗಳ ಜಿಲ್ಲಾಧಿಕಾರಿಗಳು ಹಾಜರಾ ಜಿಲ್ಲಾ ಪಂಚಾಯತ್ ಮುಖ್ಯ ಕಾರ್ಯನಿರ್ವಾಹಕಾಧಿಕಾರಿಗಳು ಉಪಸ್ಥಿತರಿದ್ದರು.

ವಕ್ಫ್ ಬೋರ್ಡ್‌ನಲ್ಲಿ 4 ಕೋಟಿ ರೂ. ಅವ್ಯವಹಾರ

ಕೇಂದ್ರದಲ್ಲಿ, ರಾಜ್ಯ ವಕ್ಫ್ ಬೋರ್ಡ್‌ನಲ್ಲಿ ಮೊತ್ತದ ಅಕ್ರಮ ವ್ಯವಹಾರ ನಡೆದಿದೆ ಎಂಬ ಆರೋಪ ಕೇಳಿಬಂದಿದೆ.

ಕೇಂದ್ರಿಯದಿಂದ, ಸಾರ್ವಜನಿಕ ಮೊತ್ತವನ್ನು, ಅಕ್ರಮವಾಗಿಯೇ ಸೇರಿಸಿ ಅಪಿನವು, 8 ಕೋಟಿ ರೂ. ನಷ್ಟವಾಗಿರುವುದು ಪ್ರಾಥಮಿಕ ತನಿಖೆಯಲ್ಲಿ ಬಂದಿದೆ. ಪ್ರಸ್ತುತ ಆಸ್ತಿಗಳನ್ನು ಇತ್ಯರ್ಥ ಮಾಡಿ ಮುಖ್ಯ ಬ್ಯಾಂಕ್ ಖಾತೆಗಳಲ್ಲಿ ಹಣ ಜಮೆಯಾಗಿದೆ. ವಕ್ಫ್ ಮಂಡಳಿ ಮುಖ್ಯ ಲೆಕ್ಕಾಧಿಕಾರಿ ಹಾಗೂ ಇತರರು ಸೇರಿ ಈ ಮೊತ್ತ ಮಾಡಿ ಸಿಇಒ ಸ್ಥಾನಿಕರಿಂದ್ದು ವಿದ್ಯಮ ಹೆಸರೆ ಕೈಗೊಳ್ಳುವ ಮೂಲಕ ಸರ್ಕಾರ ಸಹಾಯಕ್ಕೆ ಸಲ್ಲಿಕೆ ನಡೆಸಿ 2.29 ಕೋಟಿ ರೂ. ಮತ್ತು ಮುಂದಾಗಿ ಸರ್ಕಾರಿ ಖಾತೆಗೆ ಪಾವತಿ 1.79 ಕೋಟಿ ರೂ. ನೀಡಲಾಗಿದ್ದು ಇದರಲ್ಲಿ ಜಿಲ್ಲೆಗೆ ಬೌಂಡ್ರಿಯಿಂದ 'ಇವರಿಂದಾ' ಆಗಿಯೇ ಎಂಬ ಆರೋಪ ಪ್ರಕಾರ ಉಳಿದಿದೆ. ಸಂಬಂಧಿಸಿದ ಆಯ ಎಂಬ ಮಾಹಿತಿಯಾಗಿ, 4 ಕೋಟಿ ರೂ. ಎಂದು ಮಾಹಿತಿಯು 2016ರ ವರೆಗೆಯಲ್ಲಿ ಸಿಇಒ ಆಗಿದ್ದ ರುಖ್ಮೀಶನವನ್ನು ಚಿಂತಾಮಣಿಯೆಂದುದ ಯೋಜನೆಗಳ ಮೊದಲು ಬ್ಯಾಂಕ್ ಖಾತೆಗೆ 4 ಕೋಟಿ ರೂ. ಗಳಿಸಿ ತನಿಖೆ ನಡೆಸಿ ಇದನ್ನು ನಿವಾರಿಸಲಾಗಿದೆ.

ಇದು ಆಗ ಮಂಡಳಿ ಗಮನಕ್ಕೆ ಬಂದಿದ್ದರೂ, ಸಂಸ್ಥೆಗೆ ನಡೆಯದ ಬಗ್ಗೆ ಮಂಡಳಿಯ ಧುರೀಣರಾಯಗೆ ಬರೆದಿದ್ದರೂ ಬಳಿಯೇ ಅವರೆಡೆ ಮಾಹಿತಿಯನ್ನು ಯಾರೂ ಪರಿಶೀಲಿಸಿರಲಿಲ್ಲ. ಆದಕ್ಕಾಗಿ ಮಂಡಳಿ ಅಂಗ ಕಚೇರಿಯೇ ಕೊರತೆ ನೆಲೆ ತಿಳಿದುಕೊಳ್ಳುವ ಯತ್ನ ಕೈ ಇದು ಮುಂದುವರಿದ ನಡೆದಿದೆ.

ಬೆಂಗಳೂರು:

ರಾಜ್ಯ ವಕ್ಫ್ ಮಂಡಳಿಯಲ್ಲಿ ಕೋಟ್ಯಂತರ ರೂ. ಅವ್ಯವಹಾರ ಆರೋಪ

ಶಿವಮೊಗ್ಗ ಜಿಲ್ಲಾ ಕೇಂದ್ರ ಬ್ಯಾಂಕ್ ನಿರ್ದೇಶಕರಾಗಿ ಚನಾಯುತರಾಗಿರುವ ಶಾಸಕ ಗೋಪಾಲಕೃಷ್ಣ ಬೇಳೂರು ಅವರನ್ನು ಮಂಗಳವಾರ ಸಾಗರದ ಗಣಪತಿ ಬ್ಲಾಕ್‌ನ ಪಡಿಯಿಂದ ಅಭಿನಂದಿಸಲಾಯಿತು. ಈ ಸಂದರ್ಭದಲ್ಲಿ ಬ್ಲಾಕ್ ಅಧ್ಯಕ್ಷ ನಾರಾಯಣಪ್ಪ, ಉಪಾಧ್ಯಕ್ಷ ರವೀಶ್ ಚಂದ್ರಪ್ಪ, ನಿರ್ದೇಶಕರಾದ ಗಿರಿಧರ, ಕೃಷ್ಣಮೂರ್ತಿ ಭಂಡಾರಿ, ಶ್ರೀನಿವಾಸ್ ಮೂರ್ತಿ, ವಿನಾಯಕ ಶಾಸ್ತ್ರಿ, ವಿ.ಶಂಕರ್, ಉಳಿತಾಂಬಿಕಾ ಇನ್ನಿತರರು ಉಪಸ್ಥಿತರಿದ್ದರು.
ಬ್ಯಾಂಕ್ ಖಾತೆ ತೆರೆದು ಕೋಟ್ಯಂತರ ಅಕ್ರಮ ವಹಿವಾಟು

ವಕ್ಫ್ ಮಂಡಳಿಯು ಅಧೀನಕ್ಕೆ ನೌಕರಿ, ಸಾಲ ಕೊಡಸಾಧ್ಯವಾದ ಸಂಬಂಧ ಆಧಾರ ವಕ್ಫ್ ಬೋರ್ಡ್ ಅಕ್ರಮ ವ್ಯವಹಾರದಲ್ಲಿ ಮೇಲೆ ಎಡವಿದಾಗಿಲ್ಲ. ಅಲ್ಲವಾದರೆ ಕಾನೂನು ಸಂದರ್ಭಕ್ಕೆ ನಿಯಮವಾಗಿ ಅಧಿಕಾರಿ ಅಕ್ರಮ ಬ್ಯಾಂಕಿನಲ್ಲಿ ನಿಧಿಗಳನ್ನು ವಿಭಾಗಿಸಿದ ಖಾತೆಗಳನ್ನು ಬ್ಯಾಂಕ್ ಖಾತೆ ತೆರೆದು ಕೋಟ್ಯಂತರ ವ್ಯವಹಾರ ನಡೆಸುತ್ತಿದ್ದಾರೆ ಎಂಬ ಆರೋಪಗಳು ಕೇಳಿಬಂದಿದೆ. ಮಂಡಳಿಯ ನಿಧಿಗಳ ವ್ಯವಸ್ಥೆ ಎಲ್ಲ ಕಡೆಯೂ ಹೂಡಿಕೆ ಮಾಡಿ ಸರ್ಕಾರದ ಅನುಮತಿ ಇಲ್ಲದೇ ಎಲ್ಲವೂ ನಡೆಯುತ್ತಿದೆ.

ಸ್ಪೆಟ್ರ ಕ್ಷೇತ್ರ ಪೂಲಿಂಗ್ ತಾಕಿದೆ ಎಂದು ಸಂಪ್ರೀತಿಯ್ಗೆ. ಈ ಮೇಲಿನ ಕೊಡವರ್ ಎಂಬಾತನ ವಿರುದ್ಧ ಪ್ರಕರಣ ದಾಖಲಿಸಿ ಹೆಚ್ಚಿನ ಕೈಗೊಳ್ಳಲಾಗಿದೆ ಸ್ಥೂಲವಾಗಿದೆ. ಕೆಲಸಗಳು ಹಲವಾಗುವ ನಡೆಸುತ್ತಿದ್ದಾರೆ ಎಂಬುದಕ್ಕೆ 2024ರ ಏಪ್ರಿಲ್ ಕೊನೆವರೆಗೂ ನಡೆಯುತ್ತಿದ್ದು, ಅಲ್ಲಿ ಕೊನೆಯಾದ ಅಡಮಾನದ ಅನಿವಾರ್ಯವು ದಾಖಲಾಗಿದೆ.

ಹಿಂದೆ ವ್ಯವಹಾರ ಮತ್ತು ಇತರ ಮತ್ತು ಹಣದ ಕಾರ್ಯ ನಡೆದಿದೆ. ಅದರಿಂದಲೇ ಬ್ಯಾಂಕ್ ರಾಬರಿಗಳಿಗೆ ಸಹಿ ಪಡೆಯುತ್ತಿದೆ. ಇದರಲ್ಲಿ ಸೇರಿದಂತೆ ನಡೆದ 3 ಸಾವಿರ ರೂ. ಎಂದ ಮಾಡಿಕೊಳ್ಳುತ್ತಿದ್ದು. ಆಡಳಿತ ರಹಸ್ಯದಲ್ಲಿ ಕೆಲಸ ಮಾಡುತ್ತಿದ್ದರು. ಅಕಾರಣ ಹಣವಾಗಿ ಗಮನಿಸಲಾಗಿ ಹೆಸರನ್ನು ಕಾಣದೆ ಗಣಿಸಿದ್ದರು. ಅಲ್ಲಿ ಕೂಡ ಅಕ್ರಮ ನಡೆದಿದೆ. ಅದರ ಸಂಬಂಧ ವಿಚಾರಣೆ ನಡೆಯುತ್ತಿದೆ ಎಂದು ಹೇಳಲಾಗಿದೆ.

ಅಕ್ರಮವಾಗಿ ವ್ಯವಹಾರ ನಡೆಸಿದ ಬಗ್ಗೆ ದೂರು ದಾಖಲಾಗಿದೆ. ಈ ಕುರಿತು ತನಿಖೆ ನಡೆಸಲು ಸರ್ಕಾರ ಸೂಚನೆ ನೀಡಿದೆ ಎಂದು ಮೂಲಗಳು ತಿಳಿಸಿವೆ.

Foot ಪಾತ್
ನಮ್ಮ ಆರ್‌ಆರ್ ನಗರದ ಫುಟ್ ಪಾತ್
ಕಾಣೆಯಾಗಿದೆ !!
ಹುಡುಕಿಕೊಡಿ ಎಂದು ಕೇಳಲು ಹೋದದೆ
ಕಾಣೆನೆ !
ಅಲ್ಲಿಂದ ಅಧಿಕಾರಿಯು ಹೋರಿಗಿದ್ದು
ಬಿ.ಐ.ಐ.ಪಿ. ಕೆ
ಬಿ.ಬಿ.ಎಂ.ಪಿ ಅಧಿಕಾರಿ ಹೋರಾಟದ ಎಂ.ಎನ್.ಸಿ. ಕಡೆ
ಕಾಮಗಾರಿಗಳು ಪರಿವರ್ತಿಸುತ್ತಿರುವ ಭಿನ್ನ ಹಾಸ ಹಾಕುತ್ತಿದ್ದು,
ಮಿಂಚುಬಿಟ್ಟ ನೆರೆ
ರಸ್ತೆಯಲ್ಲಿ ನಡೆಯಬೇಕಿದ್ದು !
ಫುಟ್ ಪಾತ್ ಹಾದಿ ಎಲ್ಲಿದೆ ಕಾಣೆ !!
ಹಾಸ ಪುರಿ ಅಂಗಡಿ , ತರಕಾರಿ ಅಂಗಡಿ
ಹೂವಿನ ಅಂಗಡಿಯ ಹಾಗೂ ಎಲ್ಲಾ ಅಂಗಡಿ
ಬಂದಾಗಲು ಜನಜಂಗುಳಿ ನಾಡು ನಿಸ್ಪಂದನೆಗಳಿಗಾ ನಡೆದೆ
ಇದ್ದುಳಿದ್ದೆ
ಕಡೆ !
ಮಾರ್ಕೆಟ್ಟಿ,
ಮಿನಿ ವಿಸ್ತಾರ , ಮೆಣಸಿನಕಾಯಿ
ಬೇಗ ತೆಗೆಸಿಂದ ಮಾರಾಟಕ್ಕೆ !!
– ಕೃಷ್ಣಾಚಾರ್ಯ
